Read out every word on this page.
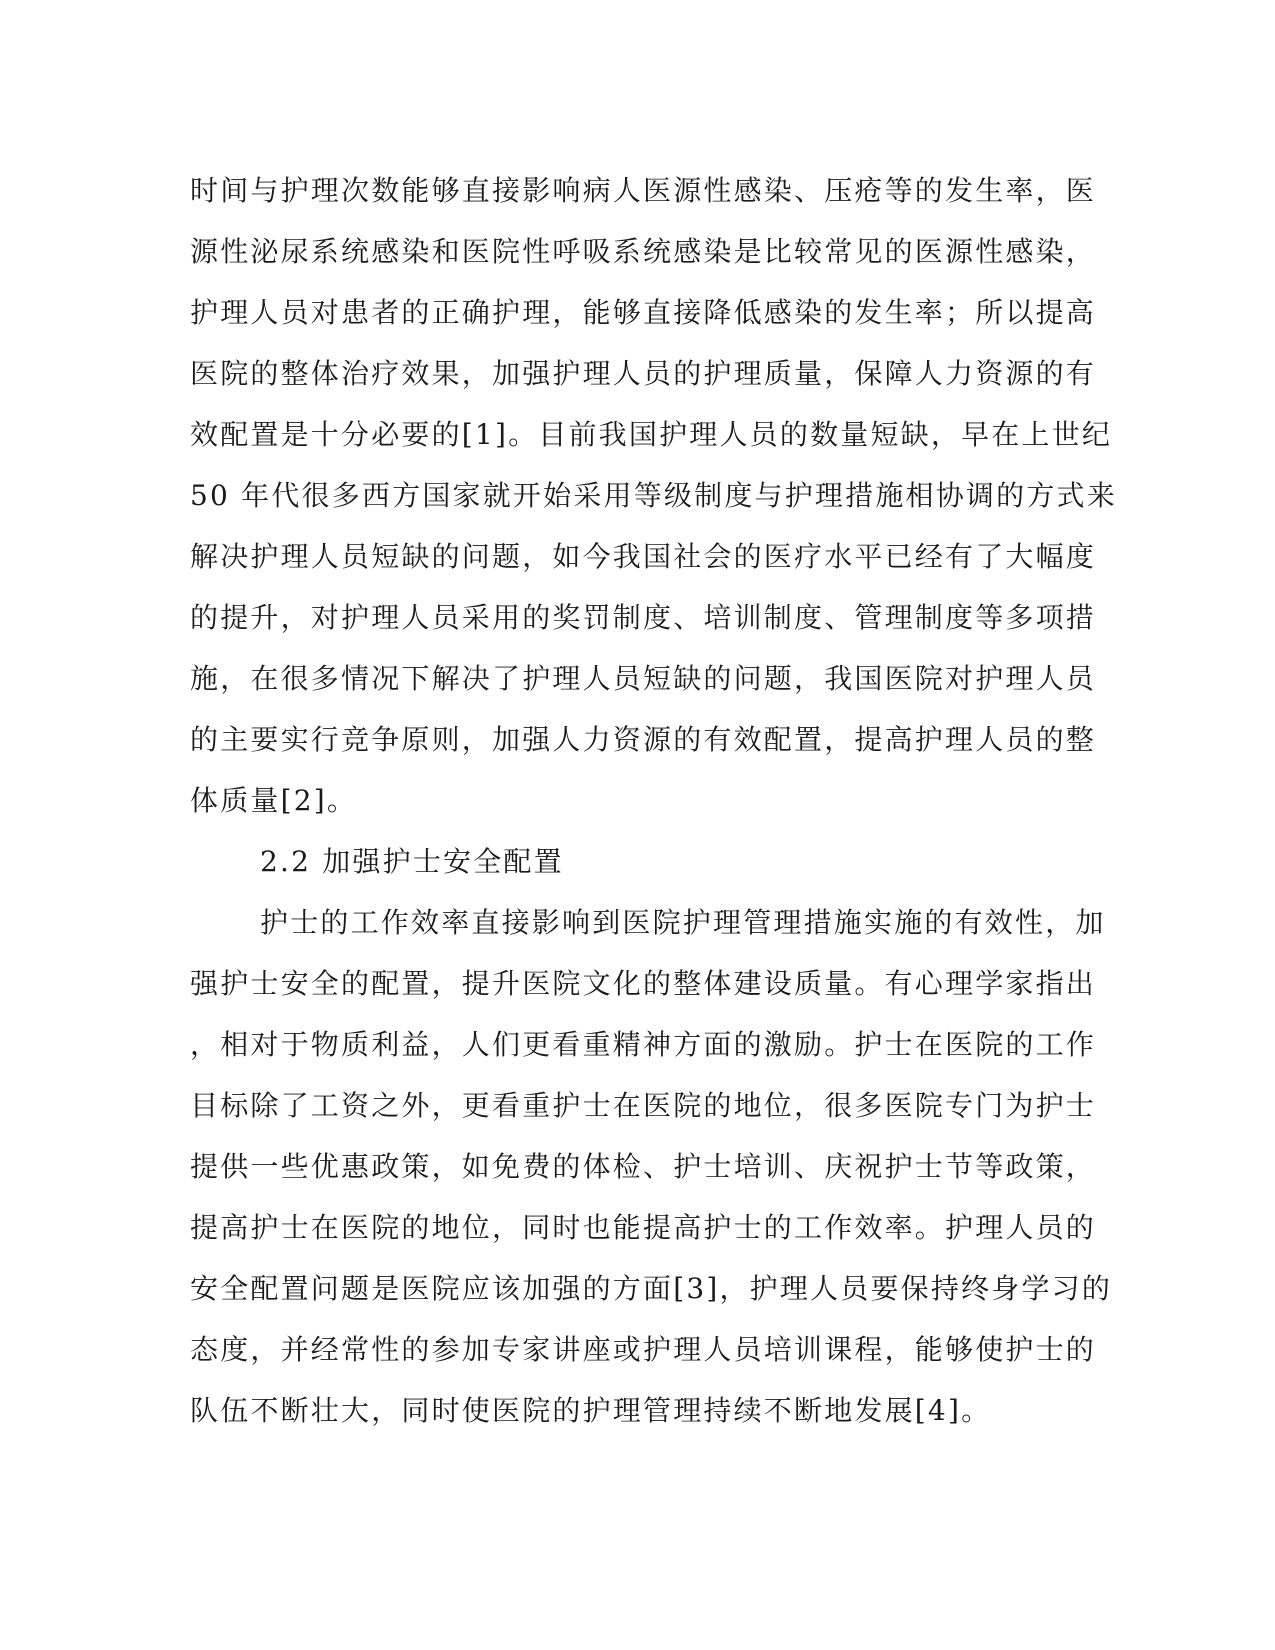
时间与护理次数能够直接影响病人医源性感染、压疮等的发生率，医
源性泌尿系统感染和医院性呼吸系统感染是比较常见的医源性感染，
护理人员对患者的正确护理，能够直接降低感染的发生率；所以提高
医院的整体治疗效果，加强护理人员的护理质量，保障人力资源的有
效配置是十分必要的[1]。目前我国护理人员的数量短缺，早在上世纪
50 年代很多西方国家就开始采用等级制度与护理措施相协调的方式来
解决护理人员短缺的问题，如今我国社会的医疗水平已经有了大幅度
的提升，对护理人员采用的奖罚制度、培训制度、管理制度等多项措
施，在很多情况下解决了护理人员短缺的问题，我国医院对护理人员
的主要实行竞争原则，加强人力资源的有效配置，提高护理人员的整
体质量[2]。
2.2 加强护士安全配置
护士的工作效率直接影响到医院护理管理措施实施的有效性，加
强护士安全的配置，提升医院文化的整体建设质量。有心理学家指出
，相对于物质利益，人们更看重精神方面的激励。护士在医院的工作
目标除了工资之外，更看重护士在医院的地位，很多医院专门为护士
提供一些优惠政策，如免费的体检、护士培训、庆祝护士节等政策，
提高护士在医院的地位，同时也能提高护士的工作效率。护理人员的
安全配置问题是医院应该加强的方面[3]，护理人员要保持终身学习的
态度，并经常性的参加专家讲座或护理人员培训课程，能够使护士的
队伍不断壮大，同时使医院的护理管理持续不断地发展[4]。
